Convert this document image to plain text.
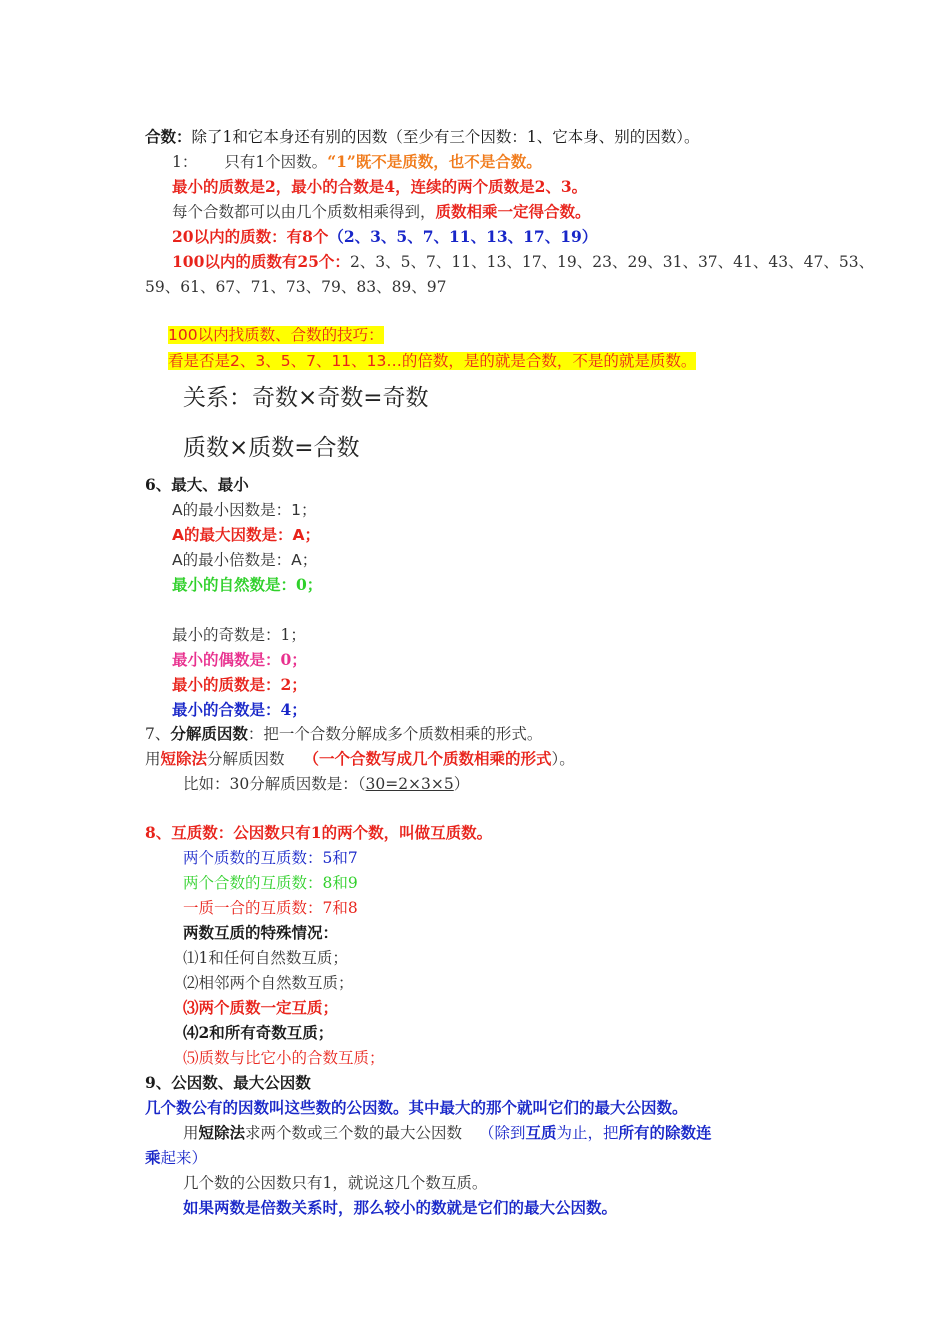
合数：除了1和它本身还有别的因数（至少有三个因数：1、它本身、别的因数）。
1： 只有1个因数。“1”既不是质数，也不是合数。
最小的质数是2，最小的合数是4，连续的两个质数是2、3。
每个合数都可以由几个质数相乘得到，质数相乘一定得合数。
20以内的质数：有8个（2、3、5、7、11、13、17、19）
100以内的质数有25个：2、3、5、7、11、13、17、19、23、29、31、37、41、43、47、53、
59、61、67、71、73、79、83、89、97
100以内找质数、合数的技巧：
看是否是2、3、5、7、11、13…的倍数，是的就是合数，不是的就是质数。
关系：奇数×奇数=奇数
质数×质数=合数
6、最大、最小
A的最小因数是：1；
A的最大因数是：A；
A的最小倍数是：A；
最小的自然数是：0；
最小的奇数是：1；
最小的偶数是：0；
最小的质数是：2；
最小的合数是：4；
7、分解质因数：把一个合数分解成多个质数相乘的形式。
用短除法分解质因数 （一个合数写成几个质数相乘的形式）。
比如：30分解质因数是：（30=2×3×5）
8、互质数：公因数只有1的两个数，叫做互质数。
两个质数的互质数：5和7
两个合数的互质数：8和9
一质一合的互质数：7和8
两数互质的特殊情况：
⑴1和任何自然数互质；
⑵相邻两个自然数互质；
⑶两个质数一定互质；
⑷2和所有奇数互质；
⑸质数与比它小的合数互质；
9、公因数、最大公因数
几个数公有的因数叫这些数的公因数。其中最大的那个就叫它们的最大公因数。
用短除法求两个数或三个数的最大公因数 （除到互质为止，把所有的除数连
乘起来）
几个数的公因数只有1，就说这几个数互质。
如果两数是倍数关系时，那么较小的数就是它们的最大公因数。
